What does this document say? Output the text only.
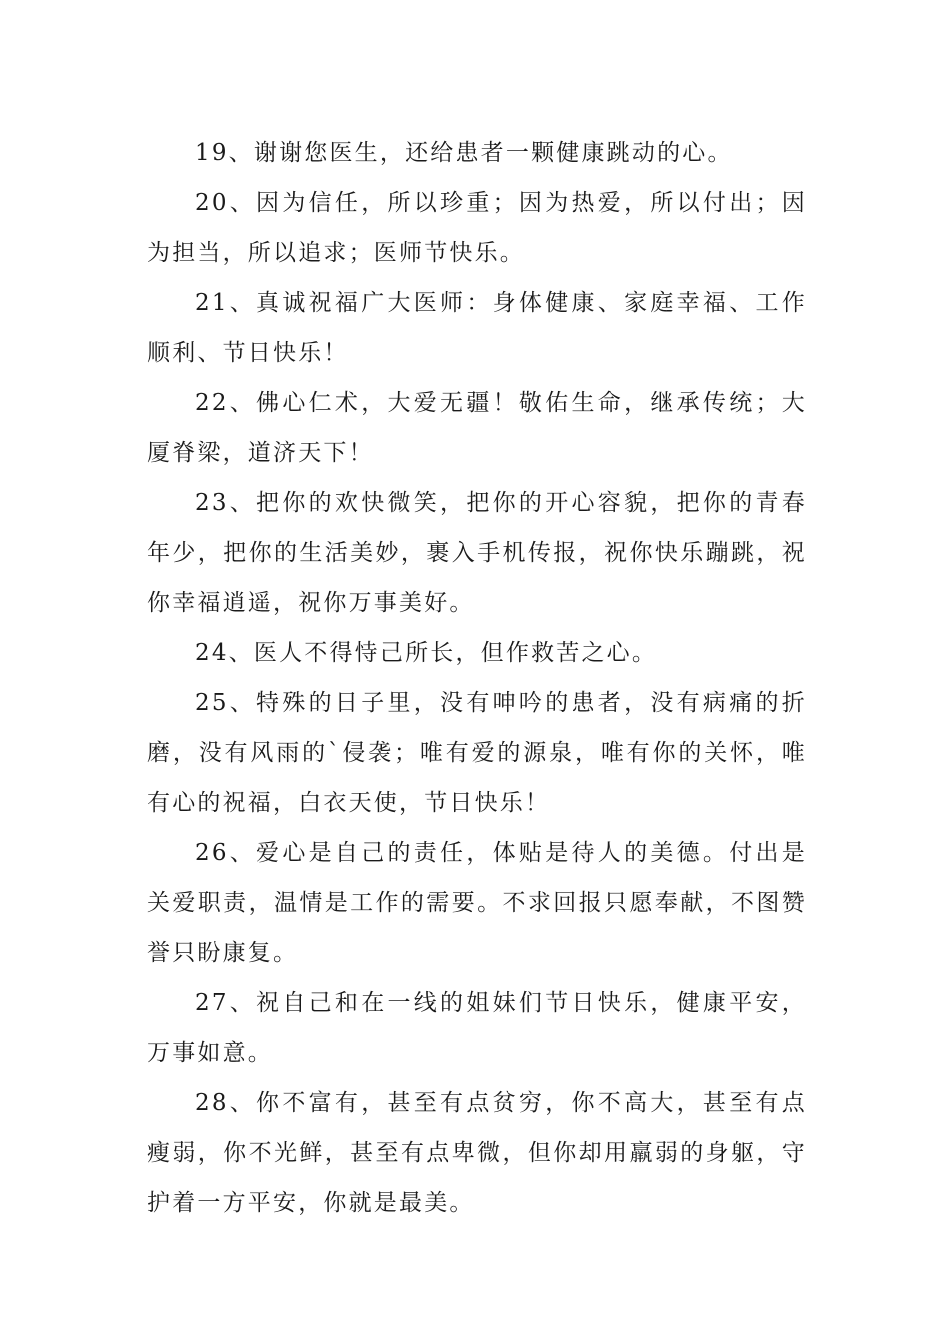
19、谢谢您医生，还给患者一颗健康跳动的心。

20、因为信任，所以珍重；因为热爱，所以付出；因为担当，所以追求；医师节快乐。

21、真诚祝福广大医师：身体健康、家庭幸福、工作顺利、节日快乐！

22、佛心仁术，大爱无疆！敬佑生命，继承传统；大厦脊梁，道济天下！

23、把你的欢快微笑，把你的开心容貌，把你的青春年少，把你的生活美妙，裹入手机传报，祝你快乐蹦跳，祝你幸福逍遥，祝你万事美好。

24、医人不得恃己所长，但作救苦之心。

25、特殊的日子里，没有呻吟的患者，没有病痛的折磨，没有风雨的`侵袭；唯有爱的源泉，唯有你的关怀，唯有心的祝福，白衣天使，节日快乐！

26、爱心是自己的责任，体贴是待人的美德。付出是关爱职责，温情是工作的需要。不求回报只愿奉献，不图赞誉只盼康复。

27、祝自己和在一线的姐妹们节日快乐，健康平安，万事如意。

28、你不富有，甚至有点贫穷，你不高大，甚至有点瘦弱，你不光鲜，甚至有点卑微，但你却用羸弱的身躯，守护着一方平安，你就是最美。
